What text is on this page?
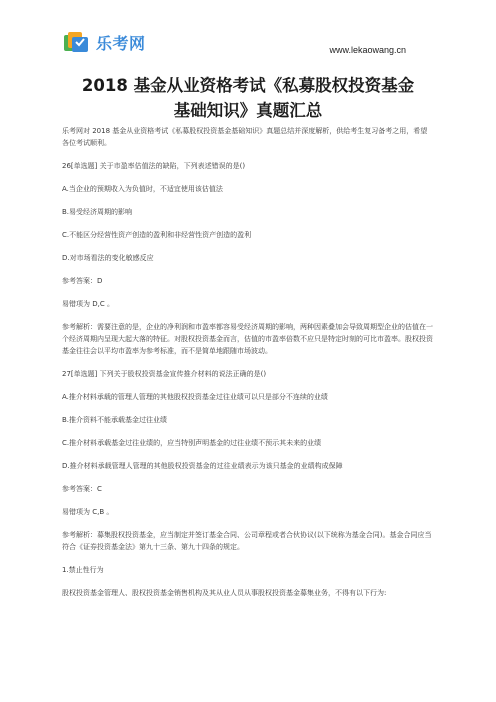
乐考网	www.lekaowang.cn
2018 基金从业资格考试《私募股权投资基金
基础知识》真题汇总

乐考网对 2018 基金从业资格考试《私募股权投资基金基础知识》真题总结并深度解析，供给考生复习备考之用，希望各位考试顺利。

26[单选题] 关于市盈率估值法的缺陷，下列表述错误的是()

A.当企业的预期收入为负值时，不适宜使用该估值法

B.易受经济周期的影响

C.不能区分经营性资产创造的盈利和非经营性资产创造的盈利

D.对市场看法的变化敏感反应

参考答案：D

易错项为 D,C 。

参考解析：需要注意的是，企业的净利润和市盈率都容易受经济周期的影响，两种因素叠加会导致周期型企业的估值在一个经济周期内呈现大起大落的特征。对股权投资基金而言，估值的市盈率倍数不应只是特定时刻的可比市盈率。股权投资基金往往会以平均市盈率为参考标准，而不是简单地跟随市场波动。

27[单选题] 下列关于股权投资基金宣传推介材料的说法正确的是()

A.推介材料承载的管理人管理的其他股权投资基金过往业绩可以只是部分不连续的业绩

B.推介资料不能承载基金过往业绩

C.推介材料承载基金过往业绩的，应当特别声明基金的过往业绩不预示其未来的业绩

D.推介材料承载管理人管理的其他股权投资基金的过往业绩表示为该只基金的业绩构成保障

参考答案：C

易错项为 C,B 。

参考解析：募集股权投资基金，应当制定并签订基金合同、公司章程或者合伙协议(以下统称为基金合同)。基金合同应当符合《证券投资基金法》第九十三条、第九十四条的规定。

1.禁止性行为

股权投资基金管理人、股权投资基金销售机构及其从业人员从事股权投资基金募集业务，不得有以下行为:
